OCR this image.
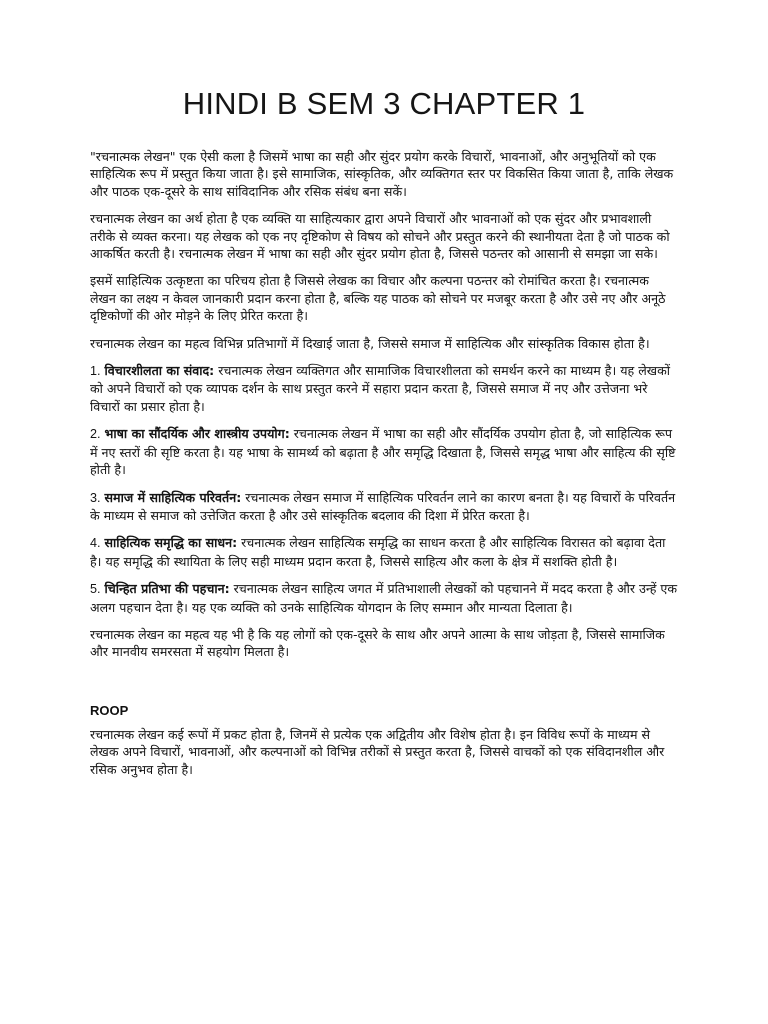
HINDI B SEM 3 CHAPTER 1

"रचनात्मक लेखन" एक ऐसी कला है जिसमें भाषा का सही और सुंदर प्रयोग करके विचारों, भावनाओं, और अनुभूतियों को एक साहित्यिक रूप में प्रस्तुत किया जाता है। इसे सामाजिक, सांस्कृतिक, और व्यक्तिगत स्तर पर विकसित किया जाता है, ताकि लेखक और पाठक एक-दूसरे के साथ सांविदानिक और रसिक संबंध बना सकें।

रचनात्मक लेखन का अर्थ होता है एक व्यक्ति या साहित्यकार द्वारा अपने विचारों और भावनाओं को एक सुंदर और प्रभावशाली तरीके से व्यक्त करना। यह लेखक को एक नए दृष्टिकोण से विषय को सोचने और प्रस्तुत करने की स्थानीयता देता है जो पाठक को आकर्षित करती है। रचनात्मक लेखन में भाषा का सही और सुंदर प्रयोग होता है, जिससे पठन्तर को आसानी से समझा जा सके।

इसमें साहित्यिक उत्कृष्टता का परिचय होता है जिससे लेखक का विचार और कल्पना पठन्तर को रोमांचित करता है। रचनात्मक लेखन का लक्ष्य न केवल जानकारी प्रदान करना होता है, बल्कि यह पाठक को सोचने पर मजबूर करता है और उसे नए और अनूठे दृष्टिकोणों की ओर मोड़ने के लिए प्रेरित करता है।

रचनात्मक लेखन का महत्व विभिन्न प्रतिभागों में दिखाई जाता है, जिससे समाज में साहित्यिक और सांस्कृतिक विकास होता है।

1. विचारशीलता का संवाद: रचनात्मक लेखन व्यक्तिगत और सामाजिक विचारशीलता को समर्थन करने का माध्यम है। यह लेखकों को अपने विचारों को एक व्यापक दर्शन के साथ प्रस्तुत करने में सहारा प्रदान करता है, जिससे समाज में नए और उत्तेजना भरे विचारों का प्रसार होता है।

2. भाषा का सौंदर्यिक और शास्त्रीय उपयोग: रचनात्मक लेखन में भाषा का सही और सौंदर्यिक उपयोग होता है, जो साहित्यिक रूप में नए स्तरों की सृष्टि करता है। यह भाषा के सामर्थ्य को बढ़ाता है और समृद्धि दिखाता है, जिससे समृद्ध भाषा और साहित्य की सृष्टि होती है।

3. समाज में साहित्यिक परिवर्तन: रचनात्मक लेखन समाज में साहित्यिक परिवर्तन लाने का कारण बनता है। यह विचारों के परिवर्तन के माध्यम से समाज को उत्तेजित करता है और उसे सांस्कृतिक बदलाव की दिशा में प्रेरित करता है।

4. साहित्यिक समृद्धि का साधन: रचनात्मक लेखन साहित्यिक समृद्धि का साधन करता है और साहित्यिक विरासत को बढ़ावा देता है। यह समृद्धि की स्थायिता के लिए सही माध्यम प्रदान करता है, जिससे साहित्य और कला के क्षेत्र में सशक्ति होती है।

5. चिन्हित प्रतिभा की पहचान: रचनात्मक लेखन साहित्य जगत में प्रतिभाशाली लेखकों को पहचानने में मदद करता है और उन्हें एक अलग पहचान देता है। यह एक व्यक्ति को उनके साहित्यिक योगदान के लिए सम्मान और मान्यता दिलाता है।

रचनात्मक लेखन का महत्व यह भी है कि यह लोगों को एक-दूसरे के साथ और अपने आत्मा के साथ जोड़ता है, जिससे सामाजिक और मानवीय समरसता में सहयोग मिलता है।

ROOP

रचनात्मक लेखन कई रूपों में प्रकट होता है, जिनमें से प्रत्येक एक अद्वितीय और विशेष होता है। इन विविध रूपों के माध्यम से लेखक अपने विचारों, भावनाओं, और कल्पनाओं को विभिन्न तरीकों से प्रस्तुत करता है, जिससे वाचकों को एक संविदानशील और रसिक अनुभव होता है।
